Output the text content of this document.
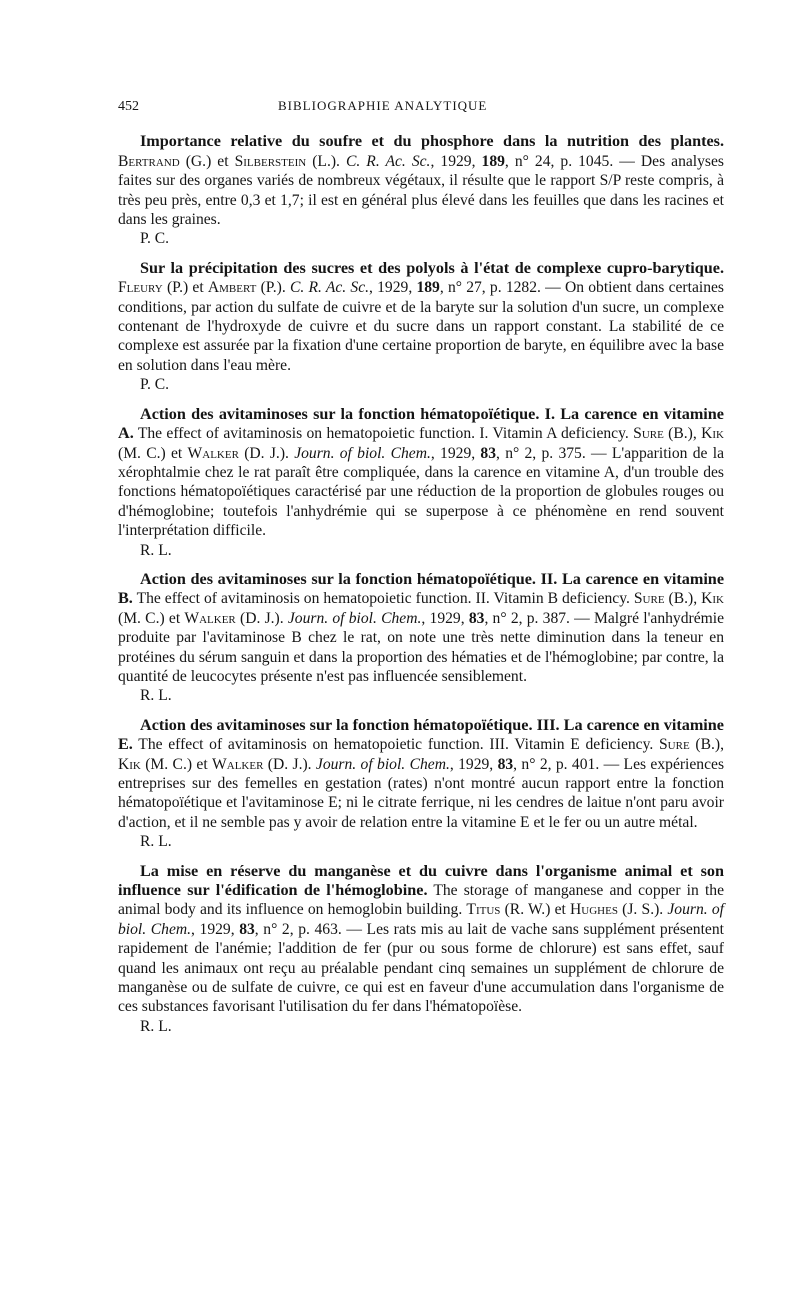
452	BIBLIOGRAPHIE ANALYTIQUE

Importance relative du soufre et du phosphore dans la nutrition des plantes. Bertrand (G.) et Silberstein (L.). C. R. Ac. Sc., 1929, 189, n° 24, p. 1045. — Des analyses faites sur des organes variés de nombreux végétaux, il résulte que le rapport S/P reste compris, à très peu près, entre 0,3 et 1,7; il est en général plus élevé dans les feuilles que dans les racines et dans les graines.

P. C.

Sur la précipitation des sucres et des polyols à l'état de complexe cupro-barytique. Fleury (P.) et Ambert (P.). C. R. Ac. Sc., 1929, 189, n° 27, p. 1282. — On obtient dans certaines conditions, par action du sulfate de cuivre et de la baryte sur la solution d'un sucre, un complexe contenant de l'hydroxyde de cuivre et du sucre dans un rapport constant. La stabilité de ce complexe est assurée par la fixation d'une certaine proportion de baryte, en équilibre avec la base en solution dans l'eau mère.

P. C.

Action des avitaminoses sur la fonction hématopoïétique. I. La carence en vitamine A. The effect of avitaminosis on hematopoietic function. I. Vitamin A deficiency. Sure (B.), Kik (M. C.) et Walker (D. J.). Journ. of biol. Chem., 1929, 83, n° 2, p. 375. — L'apparition de la xérophtalmie chez le rat paraît être compliquée, dans la carence en vitamine A, d'un trouble des fonctions hématopoïétiques caractérisé par une réduction de la proportion de globules rouges ou d'hémoglobine; toutefois l'anhydrémie qui se superpose à ce phénomène en rend souvent l'interprétation difficile.

R. L.

Action des avitaminoses sur la fonction hématopoïétique. II. La carence en vitamine B. The effect of avitaminosis on hematopoietic function. II. Vitamin B deficiency. Sure (B.), Kik (M. C.) et Walker (D. J.). Journ. of biol. Chem., 1929, 83, n° 2, p. 387. — Malgré l'anhydrémie produite par l'avitaminose B chez le rat, on note une très nette diminution dans la teneur en protéines du sérum sanguin et dans la proportion des hématies et de l'hémoglobine; par contre, la quantité de leucocytes présente n'est pas influencée sensiblement.

R. L.

Action des avitaminoses sur la fonction hématopoïétique. III. La carence en vitamine E. The effect of avitaminosis on hematopoietic function. III. Vitamin E deficiency. Sure (B.), Kik (M. C.) et Walker (D. J.). Journ. of biol. Chem., 1929, 83, n° 2, p. 401. — Les expériences entreprises sur des femelles en gestation (rates) n'ont montré aucun rapport entre la fonction hématopoïétique et l'avitaminose E; ni le citrate ferrique, ni les cendres de laitue n'ont paru avoir d'action, et il ne semble pas y avoir de relation entre la vitamine E et le fer ou un autre métal.

R. L.

La mise en réserve du manganèse et du cuivre dans l'organisme animal et son influence sur l'édification de l'hémoglobine. The storage of manganese and copper in the animal body and its influence on hemoglobin building. Titus (R. W.) et Hughes (J. S.). Journ. of biol. Chem., 1929, 83, n° 2, p. 463. — Les rats mis au lait de vache sans supplément présentent rapidement de l'anémie; l'addition de fer (pur ou sous forme de chlorure) est sans effet, sauf quand les animaux ont reçu au préalable pendant cinq semaines un supplément de chlorure de manganèse ou de sulfate de cuivre, ce qui est en faveur d'une accumulation dans l'organisme de ces substances favorisant l'utilisation du fer dans l'hématopoïèse.

R. L.
